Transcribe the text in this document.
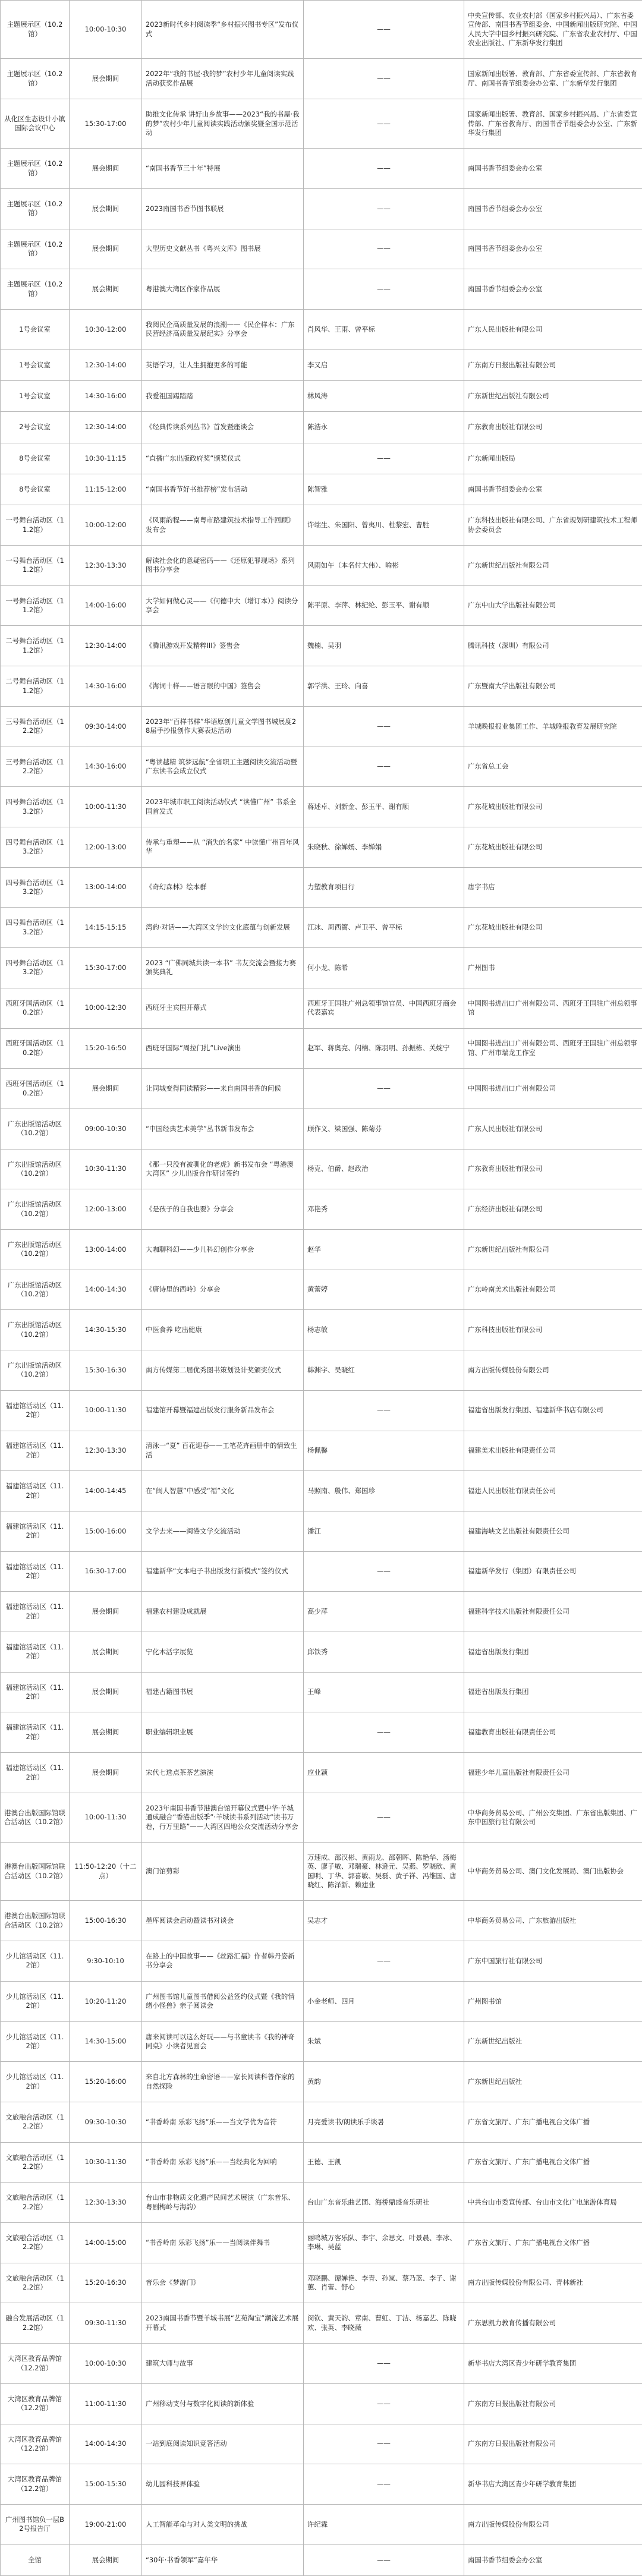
主题展示区（10.2馆）	10:00-10:30	2023新时代乡村阅读季“乡村振兴图书专区”发布仪式	——	中央宣传部、农业农村部（国家乡村振兴局）、广东省委宣传部、南国书香节组委会、中国新闻出版研究院、中国人民大学中国乡村振兴研究院、广东省农业农村厅、中国农业出版社、广东新华发行集团
主题展示区（10.2馆）	展会期间	2022年“我的书屋·我的梦”农村少年儿童阅读实践活动获奖作品展	——	国家新闻出版署、教育部、广东省委宣传部、广东省教育厅、南国书香节组委会办公室、广东新华发行集团
从化区生态设计小镇国际会议中心	15:30-17:00	助推文化传承 讲好山乡故事——2023“我的书屋·我的梦”农村少年儿童阅读实践活动颁奖暨全国示范活动	——	国家新闻出版署、教育部、国家乡村振兴局、广东省委宣传部、广东省教育厅、南国书香节组委会办公室、广东新华发行集团
主题展示区（10.2馆）	展会期间	“南国书香节三十年”特展	——	南国书香节组委会办公室
主题展示区（10.2馆）	展会期间	2023南国书香节图书联展	——	南国书香节组委会办公室
主题展示区（10.2馆）	展会期间	大型历史文献丛书《粤兴文库》图书展	——	南国书香节组委会办公室
主题展示区（10.2馆）	展会期间	粤港澳大湾区作家作品展	——	南国书香节组委会办公室
1号会议室	10:30-12:00	我阅民企高质量发展的浪潮——《民企样本：广东民营经济高质量发展纪实》分享会	肖风华、王雨、曾平标	广东人民出版社有限公司
1号会议室	12:30-14:00	英语学习，让人生拥抱更多的可能	李又启	广东南方日报出版社有限公司
1号会议室	14:30-16:00	我爱祖国踢踏踏	林风涛	广东新世纪出版社有限公司
2号会议室	12:30-14:00	《经典传读系列丛书》首发暨座谈会	陈浩永	广东教育出版社有限公司
8号会议室	10:30-11:15	“直播广东出版政府奖”颁奖仪式	——	广东新闻出版局
8号会议室	11:15-12:00	“南国书香节好书推荐榜”发布活动	陈智雅	南国书香节组委会办公室
一号舞台活动区（11.2馆）	10:00-12:00	《风雨韵程——南粤市路建筑技术指导工作回顾》发布会	许端生、朱国阳、曾夷川、杜黎宏、曹胜	广东科技出版社有限公司、广东省规划研建筑技术工程师协会委员会
一号舞台活动区（11.2馆）	12:30-13:30	解读社会化的意疑密码——《还原犯罪现场》系列图书分享会	风雨如午（本名付大伟）、喻彬	广东新世纪出版社有限公司
一号舞台活动区（11.2馆）	14:00-16:00	大学如何做心灵——《何德中大（增订本）》阅读分享会	陈平原、李萍、林纪纶、彭玉平、谢有顺	广东中山大学出版社有限公司
二号舞台活动区（11.2馆）	12:30-14:00	《腾讯游戏开发精粹III》签售会	魏楠、吴羽	腾讯科技（深圳）有限公司
二号舞台活动区（11.2馆）	14:30-16:00	《海词十样——语言眼的中国》签售会	郭学洪、王玲、向喜	广东暨南大学出版社有限公司
三号舞台活动区（12.2馆）	09:30-14:00	2023年“百样书样”华语原创儿童文学图书城展度28届手抄报创作大赛表达活动	——	羊城晚报报业集团工作、羊城晚报教育发展研究院
三号舞台活动区（12.2馆）	14:30-16:00	“粤读越精 筑梦远航”全省职工主题阅读交流活动暨广东读书会成立仪式	——	广东省总工会
四号舞台活动区（13.2馆）	10:00-11:30	2023年城市职工阅读活动仪式 “读懂广州” 书系全国首发式	蒋述卓、刘新金、彭玉平、谢有顺	广东花城出版社有限公司
四号舞台活动区（13.2馆）	12:00-13:00	传承与重塑——从 “消失的名家” 中读懂广州百年风华	朱晓秋、徐婵嫣、李婵娟	广东花城出版社有限公司
四号舞台活动区（13.2馆）	13:00-14:00	《奇幻森林》绘本群	力塑教育项目行	唐宇书店
四号舞台活动区（13.2馆）	14:15-15:15	湾韵·对话——大湾区文学的文化底蕴与创新发展	江冰、周西篱、卢卫平、曾平标	广东花城出版社有限公司
四号舞台活动区（13.2馆）	15:30-17:00	2023 “广佛同城共读一本书” 书友交流会暨接力赛颁奖典礼	何小龙、陈希	广州图书
西班牙国活动区（10.2馆）	10:00-12:30	西班牙主宾国开幕式	西班牙王国驻广州总领事馆官员、中国西班牙商会代表嘉宾	中国图书进出口广州有限公司、西班牙王国驻广州总领事馆
西班牙国活动区（10.2馆）	15:20-16:50	西班牙国际“周拉门扎”Live演出	赵军、蒋奥亮、闪楠、陈羽明、孙振栋、关婉宁	中国图书进出口广州有限公司、西班牙王国驻广州总领事馆、广州市瑞龙工作室
西班牙国活动区（10.2馆）	展会期间	让同城变得同读精彩——来自南国书香的问候	——	中国图书进出口广州有限公司
广东出版馆活动区（10.2馆）	09:00-10:30	“中国经典艺术美学”丛书新书发布会	顾作义、梁国强、陈菊芬	广东人民出版社有限公司
广东出版馆活动区（10.2馆）	10:30-11:30	《那一只没有被驯化的老虎》新书发布会 “粤港澳大湾区” 少儿出版合作研讨签约	杨克、伯爵、赵政治	广东教育出版社有限公司
广东出版馆活动区（10.2馆）	12:00-13:00	《是孩子的自我也要》分享会	邓艳秀	广东经济出版社有限公司
广东出版馆活动区（10.2馆）	13:00-14:00	大咖聊科幻——少儿科幻创作分享会	赵华	广东新世纪出版社有限公司
广东出版馆活动区（10.2馆）	14:00-14:30	《唐诗里的西岭》分享会	黄蕾婷	广东岭南美术出版社有限公司
广东出版馆活动区（10.2馆）	14:30-15:30	中医食养 吃出健康	杨志敏	广东科技出版社有限公司
广东出版馆活动区（10.2馆）	15:30-16:30	南方传媒第二届优秀图书策划设计奖颁奖仪式	韩渊宇、吴晓红	南方出版传媒股份有限公司
福建馆活动区（11.2馆）	10:00-11:30	福建馆开幕暨福建出版发行服务新品发布会	——	福建省出版发行集团、福建新华书店有限公司
福建馆活动区（11.2馆）	12:30-13:30	清泳一“夏” 百花迎春——工笔花卉画册中的情致生活	杨佩馨	福建美术出版社有限责任公司
福建馆活动区（11.2馆）	14:00-14:45	在“闽人智慧”中感受“福”文化	马照南、殷伟、郑国珍	福建人民出版社有限责任公司
福建馆活动区（11.2馆）	15:00-16:00	文学去来——闽港文学交流活动	潘江	福建海峡文艺出版社有限责任公司
福建馆活动区（11.2馆）	16:30-17:00	福建新华“文本电子书出版发行新模式”签约仪式	——	福建新华发行（集团）有限责任公司
福建馆活动区（11.2馆）	展会期间	福建农村建设成就展	高少萍	福建科学技术出版社有限责任公司
福建馆活动区（11.2馆）	展会期间	宁化木活字展览	邱铁秀	福建省出版发行集团
福建馆活动区（11.2馆）	展会期间	福建古籍图书展	王峰	福建省出版发行集团
福建馆活动区（11.2馆）	展会期间	职业编辑职业展	——	福建教育出版社有限责任公司
福建馆活动区（11.2馆）	展会期间	宋代七选点茶茶艺演演	应业颖	福建少年儿童出版社有限责任公司
港澳台出版国际馆联合活动区（10.2馆）	10:00-11:30	2023年南国书香节港澳台馆开幕仪式暨中华·羊城通成融合“香港出版季”·羊城读书系列活动“读书万卷，行万里路”——大湾区四地公众交流活动分享会	——	中华商务贸易公司、广州公交集团、广东省出版集团、广东中国旅行社有限公司
港澳台出版国际馆联合活动区（10.2馆）	11:50-12:20（十二点）	澳门馆剪彩	万速成、邵汉彬、黄雨龙、邵朝晖、陈艳华、汤梅英、廖子敏、邓瑞豪、林逊元、吴燕、罗晓欣、黄国明、丁华、郭喜敏、吴磊、黄子祥、冯维国、唐晓红、陈泽新、赖建业	中华商务贸易公司、澳门文化发展局、澳门出版协会
港澳台出版国际馆联合活动区（10.2馆）	15:00-16:30	墨库阅读会启动暨读书对谈会	吴志才	中华商务贸易公司、广东旅游出版社
少儿馆活动区（11.2馆）	9:30-10:10	在路上的中国故事——《丝路汇福》作者韩丹姿新书分享会	——	广东中国旅行社有限公司
少儿馆活动区（11.2馆）	10:20-11:20	广州图书馆儿童图书借阅公益签约仪式暨《我的情绪小怪兽》亲子阅读会	小金老师、四月	广州图书馆
少儿馆活动区（11.2馆）	14:30-15:00	唐来阅读可以这么好玩——与书童读书《我的神奇同桌》小读者见面会	朱斌	广东新世纪出版社
少儿馆活动区（11.2馆）	15:20-16:00	来自北方森林的生命密语——家长阅读科普作家的自然探险	黄韵	广东新世纪出版社
文旅融合活动区（12.2馆）	09:30-10:30	“书香岭南 乐彩飞扬”乐——当文学优为音符	月亮爱读书/朗读乐手谈暑	广东省文旅厅、广东广播电视台文体广播
文旅融合活动区（12.2馆）	10:30-11:30	“书香岭南 乐彩飞扬”乐——当经典化为回响	王德、王凯	广东省文旅厅、广东广播电视台文体广播
文旅融合活动区（12.2馆）	12:30-13:30	台山市非物质文化遗产民间艺术展演（广东音乐、粤剧梅岭与海韵）	台山广东音乐曲艺团、海桥鼎盛音乐研社	中共台山市委宣传部、台山市文化广电旅游体育局
文旅融合活动区（12.2馆）	14:00-15:00	“书香岭南 乐彩飞扬”乐——当阅读伴舞书	丽鸣城万客乐队、李宇、余思文、叶景晨、李冰、李琳、吴蓝	广东省文旅厅、广东广播电视台文体广播
文旅融合活动区（12.2馆）	15:20-16:30	音乐会《梦游门》	邓晓鹏、谭婵艳、李青、孙岚、蔡乃蓝、李子、谢蕙、肖蕾、舒心	南方出版传媒股份有限公司、青林新社
融合发展活动区（12.2馆）	09:30-11:30	2023南国书香节暨羊城书展“艺苑淘宝”潮流艺术展开幕式	闵钦、黄天韵、章南、曹虹、丁洁、杨嘉艺、陈晓欢、张英、李晓薇	广东思凯力教育传播有限公司
大湾区教育品牌馆（12.2馆）	10:00-10:30	建筑大师与故事	——	新华书店大湾区青少年研学教育集团
大湾区教育品牌馆（12.2馆）	11:00-11:30	广州移动支付与数字化阅读的新体验	——	广东南方日报出版社有限公司
大湾区教育品牌馆（12.2馆）	14:00-14:30	一站到底阅读知识竞答活动	——	广东南方日报出版社有限公司
大湾区教育品牌馆（12.2馆）	15:00-15:30	幼儿园科技界体验	——	新华书店大湾区青少年研学教育集团
广州图书馆负一层B2号报告厅	19:00-21:00	人工智能革命与对人类文明的挑战	许纪霖	南方出版传媒股份有限公司
全馆	展会期间	“30年·书香领军”嘉年华	——	南国书香节组委会办公室
